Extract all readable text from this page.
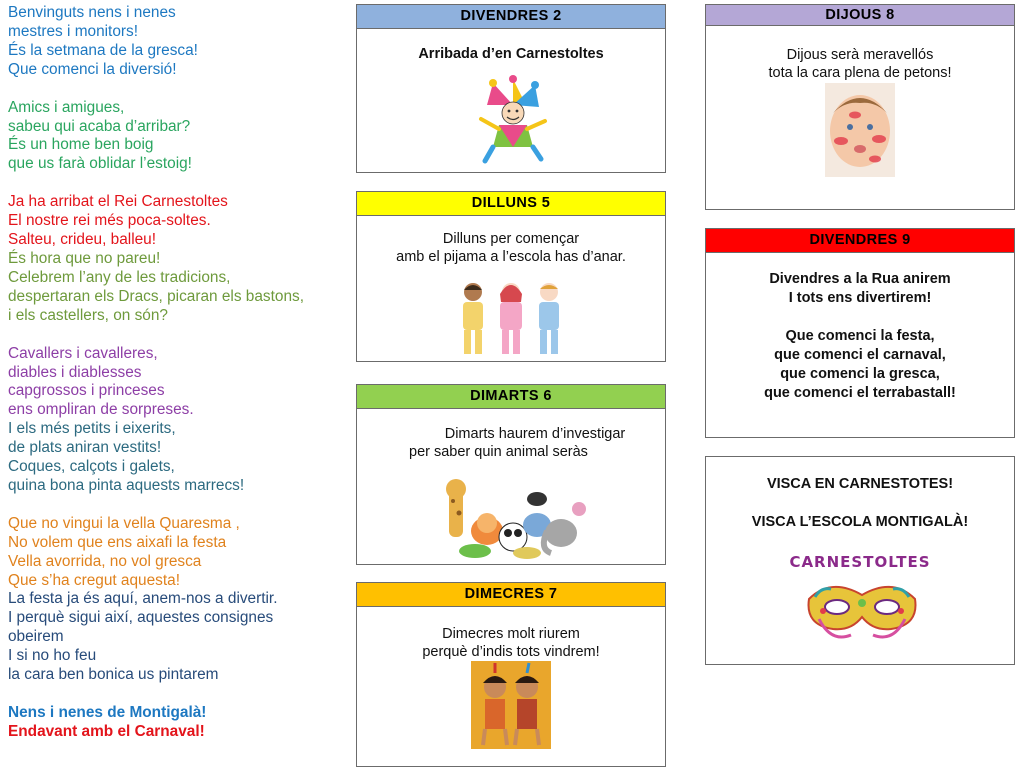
Benvinguts nens i nenes
mestres i monitors!
És la setmana de la gresca!
Que comenci la diversió!
Amics i amigues,
sabeu qui acaba d’arribar?
És un home ben boig
que us farà oblidar l’estoig!
Ja ha arribat el Rei Carnestoltes
El nostre rei més poca-soltes.
Salteu, crideu, balleu!
És hora que no pareu!
Celebrem l’any de les tradicions,
despertaran els Dracs, picaran els bastons,
i els castellers, on són?
Cavallers i cavalleres,
diables i diablesses
capgrossos i princeses
ens ompliran de sorpreses.
I els més petits i eixerits,
de plats aniran vestits!
Coques, calçots i galets,
quina bona pinta aquests marrecs!
Que no vingui la vella Quaresma ,
No volem que ens aixafi la festa
Vella avorrida, no vol gresca
Que s’ha cregut aquesta!
La festa ja és aquí, anem-nos a divertir.
I perquè sigui així, aquestes consignes
obeirem
I si no ho feu
la cara ben bonica us pintarem
Nens i nenes de Montigalà!
Endavant amb el Carnaval!
DIVENDRES 2
Arribada d’en Carnestoltes
DILLUNS 5
Dilluns per començar
amb el pijama a l’escola has d’anar.
DIMARTS 6
Dimarts haurem d’investigar
per saber quin animal seràs
DIMECRES 7
Dimecres molt riurem
perquè d’indis tots vindrem!
DIJOUS 8
Dijous serà meravellós
tota la cara plena de petons!
DIVENDRES 9
Divendres a la Rua anirem
I tots ens divertirem!
Que comenci la festa,
que comenci el carnaval,
que comenci la gresca,
que comenci el terrabastall!
VISCA EN CARNESTOTES!
VISCA L’ESCOLA MONTIGALÀ!
CARNESTOLTES
